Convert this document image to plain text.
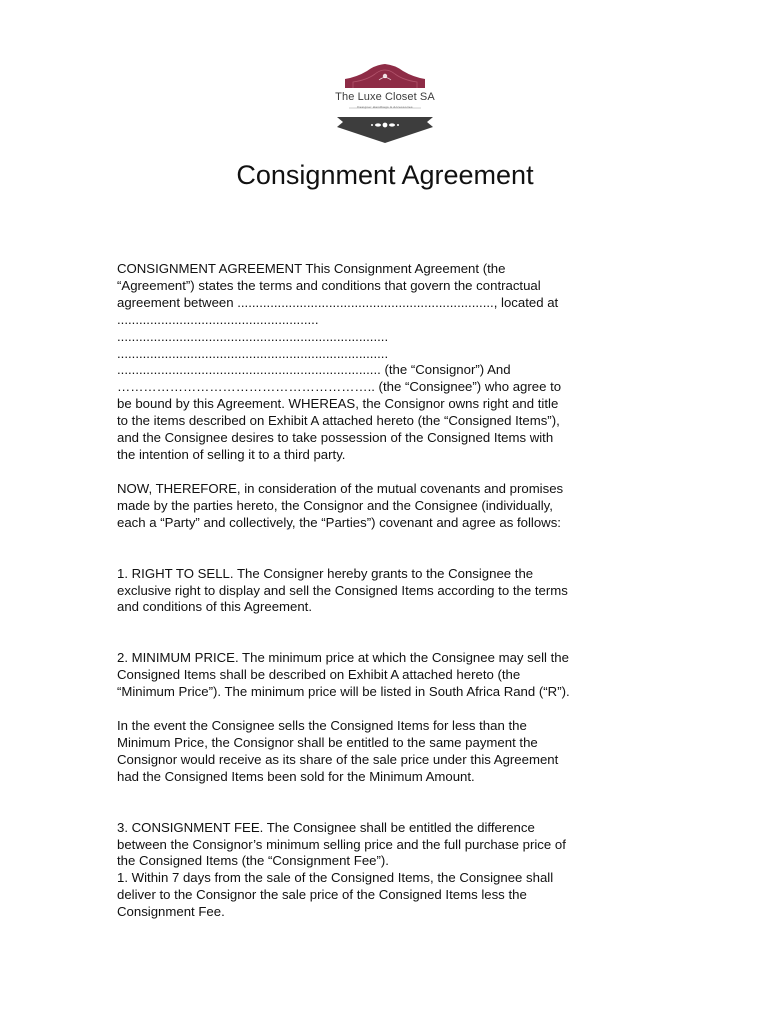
The Luxe Closet SA
Designer Handbags & Accessories
Consignment Agreement

CONSIGNMENT AGREEMENT This Consignment Agreement (the
“Agreement”) states the terms and conditions that govern the contractual
agreement between ......................................................................, located at
.......................................................
..........................................................................
..........................................................................
........................................................................ (the “Consignor”) And
………………………………………………….. (the “Consignee”) who agree to
be bound by this Agreement. WHEREAS, the Consignor owns right and title
to the items described on Exhibit A attached hereto (the “Consigned Items”),
and the Consignee desires to take possession of the Consigned Items with
the intention of selling it to a third party.

NOW, THEREFORE, in consideration of the mutual covenants and promises
made by the parties hereto, the Consignor and the Consignee (individually,
each a “Party” and collectively, the “Parties”) covenant and agree as follows:

1. RIGHT TO SELL. The Consigner hereby grants to the Consignee the
exclusive right to display and sell the Consigned Items according to the terms
and conditions of this Agreement.

2. MINIMUM PRICE. The minimum price at which the Consignee may sell the
Consigned Items shall be described on Exhibit A attached hereto (the
“Minimum Price”). The minimum price will be listed in South Africa Rand (“R”).

In the event the Consignee sells the Consigned Items for less than the
Minimum Price, the Consignor shall be entitled to the same payment the
Consignor would receive as its share of the sale price under this Agreement
had the Consigned Items been sold for the Minimum Amount.

3. CONSIGNMENT FEE. The Consignee shall be entitled the difference
between the Consignor’s minimum selling price and the full purchase price of
the Consigned Items (the “Consignment Fee”).
1. Within 7 days from the sale of the Consigned Items, the Consignee shall
deliver to the Consignor the sale price of the Consigned Items less the
Consignment Fee.
